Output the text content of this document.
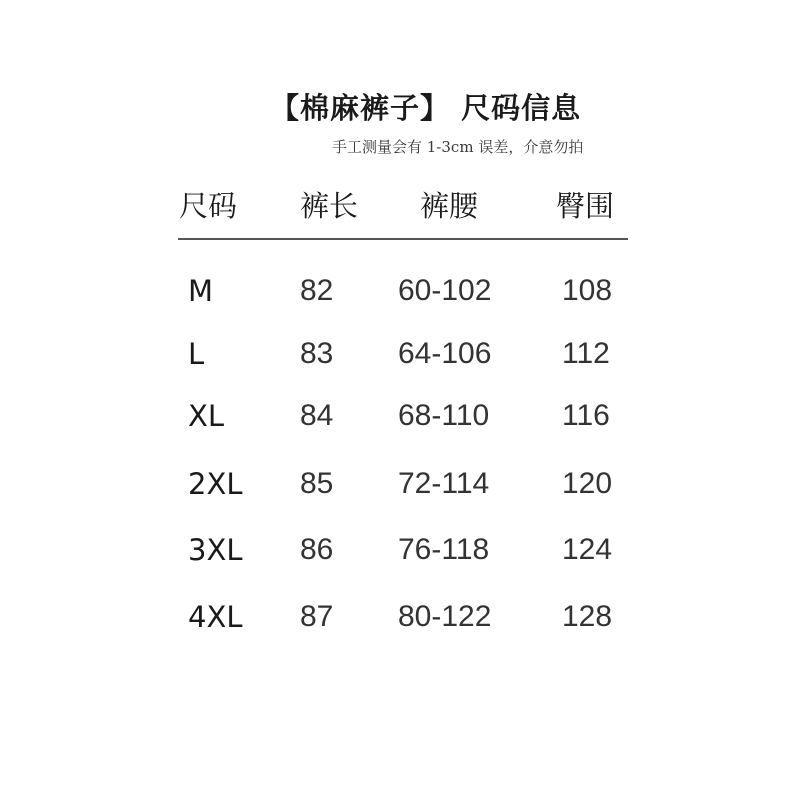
【棉麻裤子】 尺码信息
手工测量会有 1-3cm 误差，介意勿拍
尺码 裤长 裤腰	臀围
M	82 60-102 108
L	83 64-106 112
XL	84 68-110 116
2XL 85 72-114 120
3XL 86 76-118 124
4XL 87 80-122 128
